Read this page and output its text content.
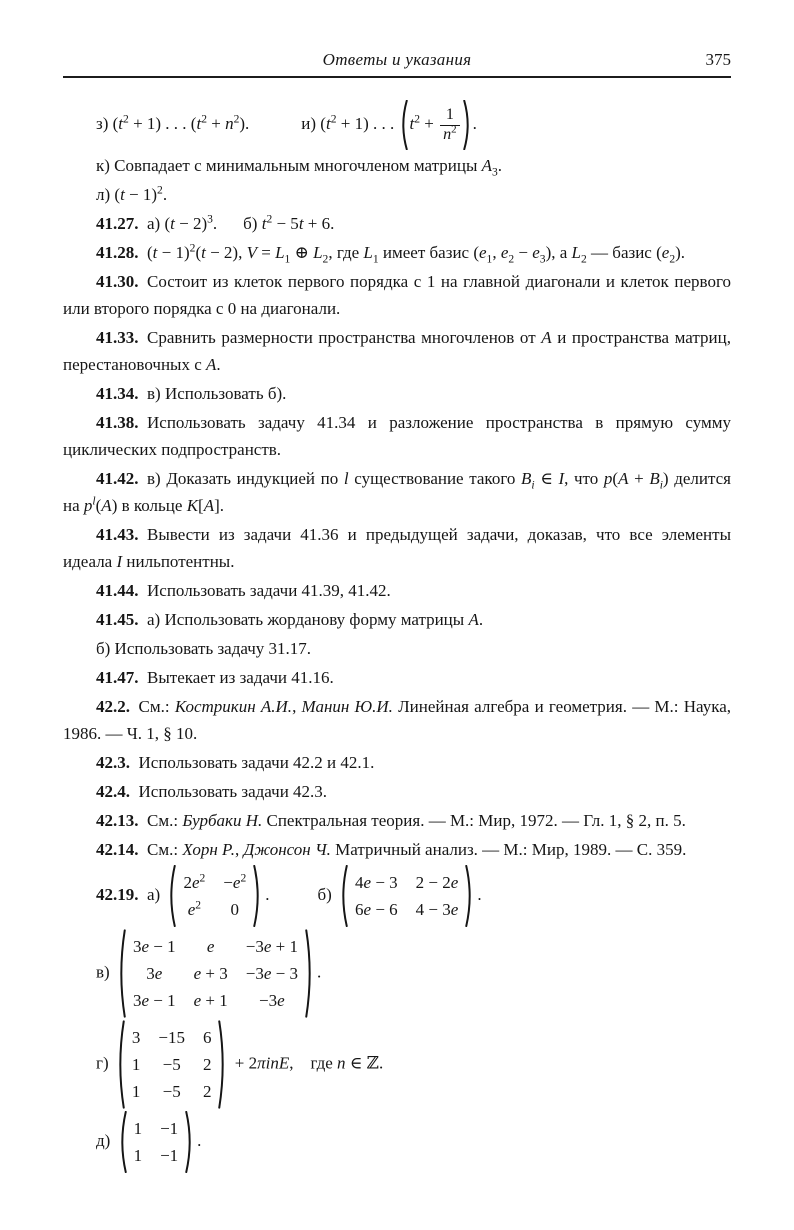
Ответы и указания	375

з) $(t^2 + 1)$ . . . $(t^2 + n^2)$.	и) $(t^2 + 1)$ . . . $t^2 + \frac{1}{n^2}$ .

к) Совпадает с минимальным многочленом матрицы $A_3$.

л) $(t - 1)^2$.

41.27. а) $(t - 2)^3$. б) $t^2 - 5t + 6$.

41.28. $(t - 1)^2(t - 2)$, $V = L_1$ ⊕ $L_2$, где $L_1$ имеет базис ($e_1$, $e_2 - e_3$), а $L_2$ — базис $(e_2)$.

41.30. Состоит из клеток первого порядка с 1 на главной диагонали и клеток первого или второго порядка с 0 на диагонали.

41.33. Сравнить размерности пространства многочленов от A и пространства матриц, перестановочных с A.

41.34. в) Использовать б).

41.38. Использовать задачу 41.34 и разложение пространства в прямую сумму циклических подпространств.

41.42. в) Доказать индукцией по l существование такого $B_i$ ∈ I, что $p(A + B_i)$ делится на $p^l(A)$ в кольце K[A].

41.43. Вывести из задачи 41.36 и предыдущей задачи, доказав, что все элементы идеала I нильпотентны.

41.44. Использовать задачи 41.39, 41.42.

41.45. а) Использовать жорданову форму матрицы A.

б) Использовать задачу 31.17.

41.47. Вытекает из задачи 41.16.

42.2. См.: Кострикин А.И., Манин Ю.И. Линейная алгебра и геометрия. — М.: Наука, 1986. — Ч. 1, § 10.

42.3. Использовать задачи 42.2 и 42.1.

42.4. Использовать задачи 42.3.

42.13. См.: Бурбаки Н. Спектральная теория. — М.: Мир, 1972. — Гл. 1, § 2, п. 5.

42.14. См.: Хорн Р., Джонсон Ч. Матричный анализ. — М.: Мир, 1989. — С. 359.

42.19. а)
$2e^2 -e^2$
$e^2$ 0
.	б)
4e − 3 2 − 2e
6e − 6 4 − 3e
.

в)
3e − 1 e −3e + 1
3e e + 3 −3e − 3
3e − 1 e + 1 −3e
.

г)
3 −15 6
1 −5 2
1 −5 2
+ 2πinE, где n ∈ ℤ.

д)
1 −1
1 −1
.
